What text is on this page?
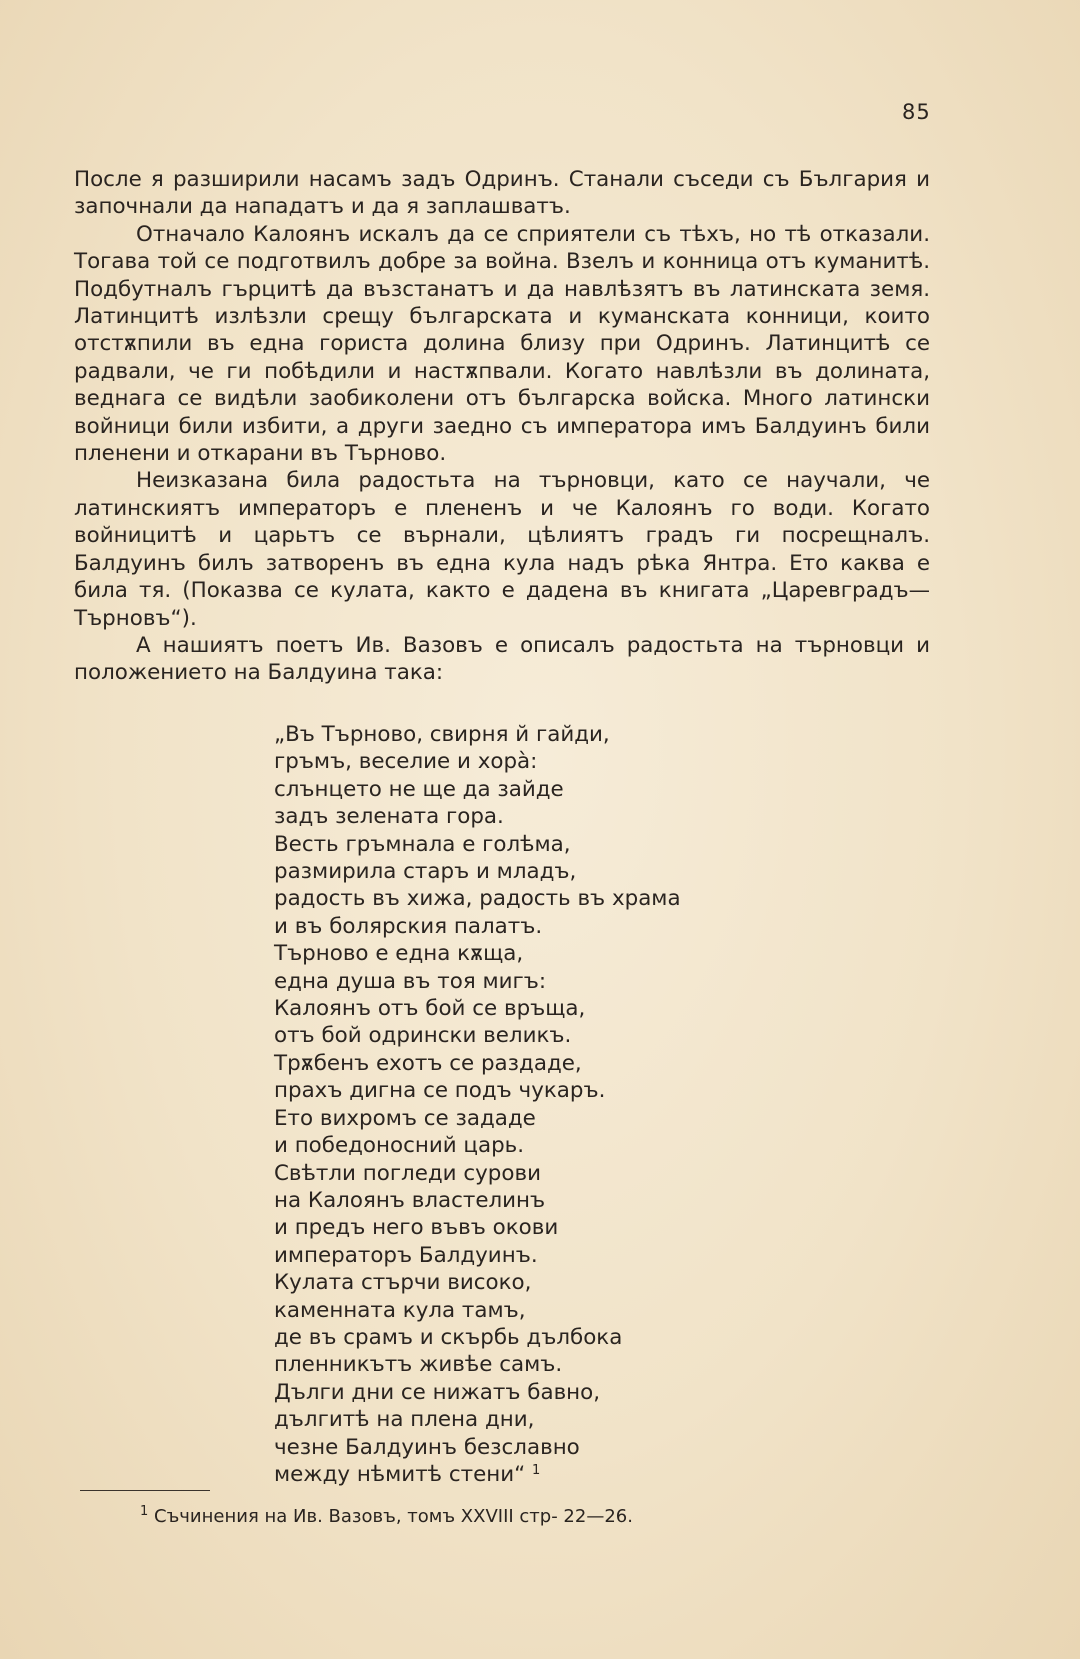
85

После я разширили насамъ задъ Одринъ. Станали съседи съ България и започнали да нападатъ и да я заплашватъ.

Отначало Калоянъ искалъ да се сприятели съ тѣхъ, но тѣ отказали. Тогава той се подготвилъ добре за война. Взелъ и конница отъ куманитѣ. Подбутналъ гърцитѣ да възстанатъ и да навлѣзятъ въ латинската земя. Латинцитѣ излѣзли срещу българската и куманската конници, които отстѫпили въ една гориста долина близу при Одринъ. Латинцитѣ се радвали, че ги побѣдили и настѫпвали. Когато навлѣзли въ долината, веднага се видѣли заобиколени отъ българска войска. Много латински войници били избити, а други заедно съ императора имъ Балдуинъ били пленени и откарани въ Търново.

Неизказана била радостьта на търновци, като се научали, че латинскиятъ императоръ е плененъ и че Калоянъ го води. Когато войницитѣ и царьтъ се върнали, цѣлиятъ градъ ги посрещналъ. Балдуинъ билъ затворенъ въ една кула надъ рѣка Янтра. Ето каква е била тя. (Показва се кулата, както е дадена въ книгата „Царевградъ—Търновъ“).

А нашиятъ поетъ Ив. Вазовъ е описалъ радостьта на търновци и положението на Балдуина така:

„Въ Търново, свирня й гайди,
гръмъ, веселие и хорà:
слънцето не ще да зайде
задъ зелената гора.
Весть гръмнала е голѣма,
размирила старъ и младъ,
радость въ хижа, радость въ храма
и въ болярския палатъ.
Търново е една кѫща,
една душа въ тоя мигъ:
Калоянъ отъ бой се връща,
отъ бой одрински великъ.
Трѫбенъ ехотъ се раздаде,
прахъ дигна се подъ чукаръ.
Ето вихромъ се зададе
и победоносний царь.
Свѣтли погледи сурови
на Калоянъ властелинъ
и предъ него въвъ окови
императоръ Балдуинъ.
Кулата стърчи високо,
каменната кула тамъ,
де въ срамъ и скърбь дълбока
пленникътъ живѣе самъ.
Дълги дни се нижатъ бавно,
дългитѣ на плена дни,
чезне Балдуинъ безславно
между нѣмитѣ стени“ $^1$
$^1$ Съчинения на Ив. Вазовъ, томъ XXVIII стр- 22—26.
